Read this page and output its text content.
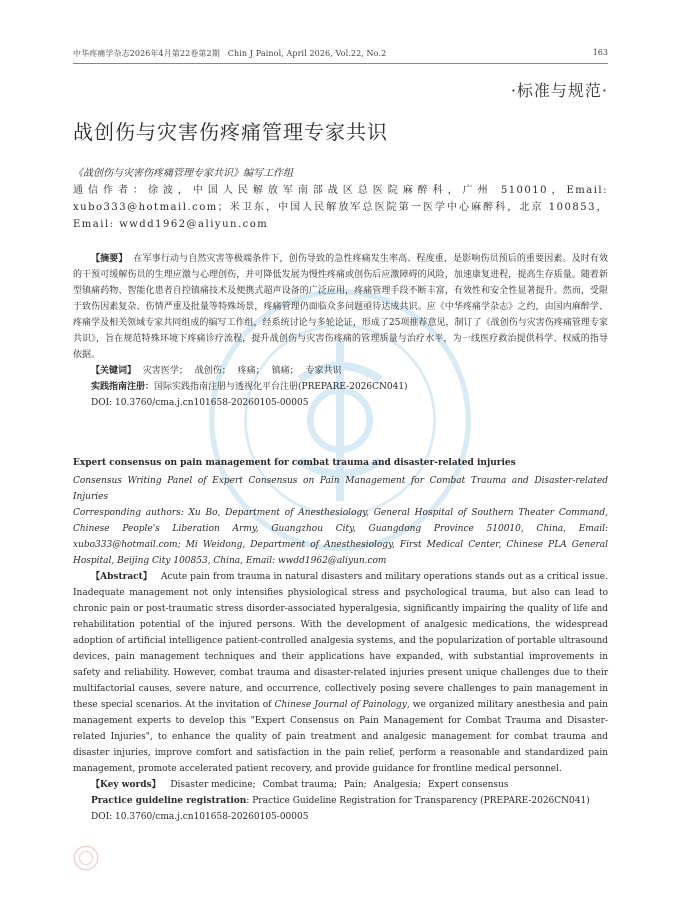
中华疼痛学杂志2026年4月第22卷第2期 Chin J Painol, April 2026, Vol.22, No.2	163
·标准与规范·
战创伤与灾害伤疼痛管理专家共识
《战创伤与灾害伤疼痛管理专家共识》编写工作组
通信作者：徐波，中国人民解放军南部战区总医院麻醉科，广州 510010，Email: xubo333@hotmail.com；米卫东，中国人民解放军总医院第一医学中心麻醉科，北京 100853，Email: wwdd1962@aliyun.com
【摘要】 在军事行动与自然灾害等极端条件下，创伤导致的急性疼痛发生率高、程度重，是影响伤员预后的重要因素。及时有效的干预可缓解伤员的生理应激与心理创伤，并可降低发展为慢性疼痛或创伤后应激障碍的风险，加速康复进程，提高生存质量。随着新型镇痛药物、智能化患者自控镇痛技术及便携式超声设备的广泛应用，疼痛管理手段不断丰富，有效性和安全性显著提升。然而，受限于致伤因素复杂、伤情严重及批量等特殊场景，疼痛管理仍面临众多问题亟待达成共识。应《中华疼痛学杂志》之约，由国内麻醉学、疼痛学及相关领域专家共同组成的编写工作组，经系统讨论与多轮论证，形成了25项推荐意见，制订了《战创伤与灾害伤疼痛管理专家共识》，旨在规范特殊环境下疼痛诊疗流程，提升战创伤与灾害伤疼痛的管理质量与治疗水平，为一线医疗救治提供科学、权威的指导依据。
【关键词】 灾害医学； 战创伤； 疼痛； 镇痛； 专家共识
实践指南注册：国际实践指南注册与透视化平台注册(PREPARE-2026CN041)
DOI: 10.3760/cma.j.cn101658-20260105-00005
Expert consensus on pain management for combat trauma and disaster-related injuries
Consensus Writing Panel of Expert Consensus on Pain Management for Combat Trauma and Disaster-related Injuries
Corresponding authors: Xu Bo, Department of Anesthesiology, General Hospital of Southern Theater Command, Chinese People's Liberation Army, Guangzhou City, Guangdong Province 510010, China, Email: xubo333@hotmail.com; Mi Weidong, Department of Anesthesiology, First Medical Center, Chinese PLA General Hospital, Beijing City 100853, China, Email: wwdd1962@aliyun.com
【Abstract】 Acute pain from trauma in natural disasters and military operations stands out as a critical issue. Inadequate management not only intensifies physiological stress and psychological trauma, but also can lead to chronic pain or post-traumatic stress disorder-associated hyperalgesia, significantly impairing the quality of life and rehabilitation potential of the injured persons. With the development of analgesic medications, the widespread adoption of artificial intelligence patient-controlled analgesia systems, and the popularization of portable ultrasound devices, pain management techniques and their applications have expanded, with substantial improvements in safety and reliability. However, combat trauma and disaster-related injuries present unique challenges due to their multifactorial causes, severe nature, and occurrence, collectively posing severe challenges to pain management in these special scenarios. At the invitation of Chinese Journal of Painology, we organized military anesthesia and pain management experts to develop this "Expert Consensus on Pain Management for Combat Trauma and Disaster-related Injuries", to enhance the quality of pain treatment and analgesic management for combat trauma and disaster injuries, improve comfort and satisfaction in the pain relief, perform a reasonable and standardized pain management, promote accelerated patient recovery, and provide guidance for frontline medical personnel.
【Key words】 Disaster medicine; Combat trauma; Pain; Analgesia; Expert consensus
Practice guideline registration: Practice Guideline Registration for Transparency (PREPARE-2026CN041)
DOI: 10.3760/cma.j.cn101658-20260105-00005
